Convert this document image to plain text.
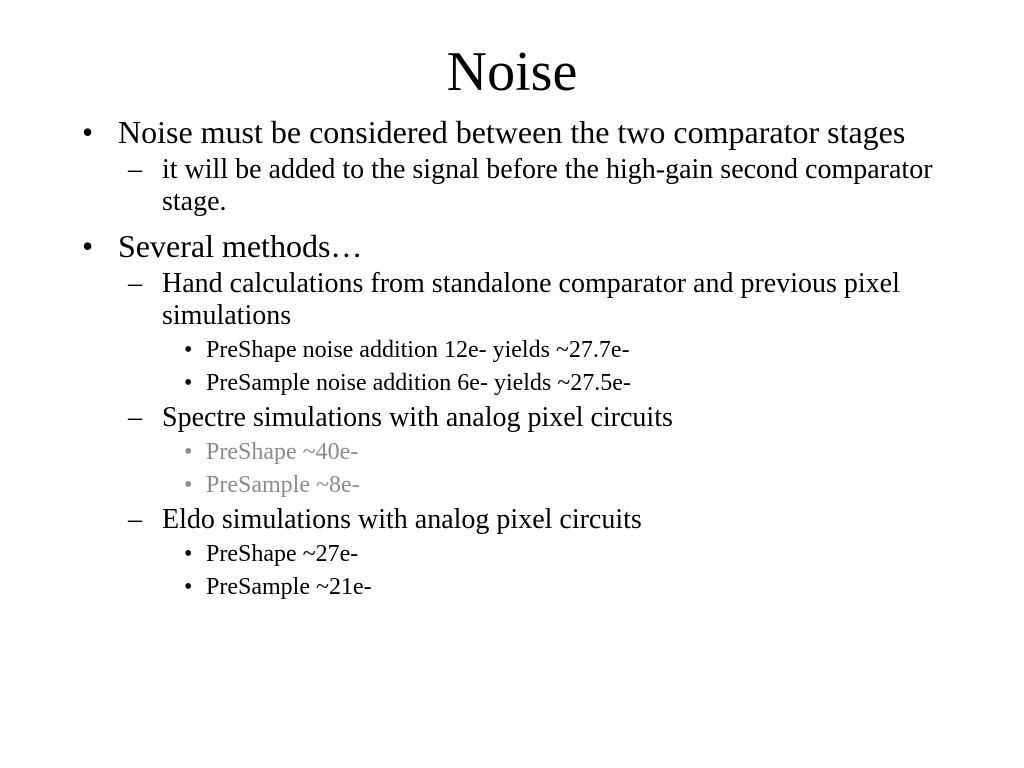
Noise
• Noise must be considered between the two comparator stages
– it will be added to the signal before the high-gain second comparator stage.
• Several methods…
– Hand calculations from standalone comparator and previous pixel simulations
• PreShape noise addition 12e- yields ~27.7e-
• PreSample noise addition 6e- yields ~27.5e-
– Spectre simulations with analog pixel circuits
• PreShape ~40e-
• PreSample ~8e-
– Eldo simulations with analog pixel circuits
• PreShape ~27e-
• PreSample ~21e-
